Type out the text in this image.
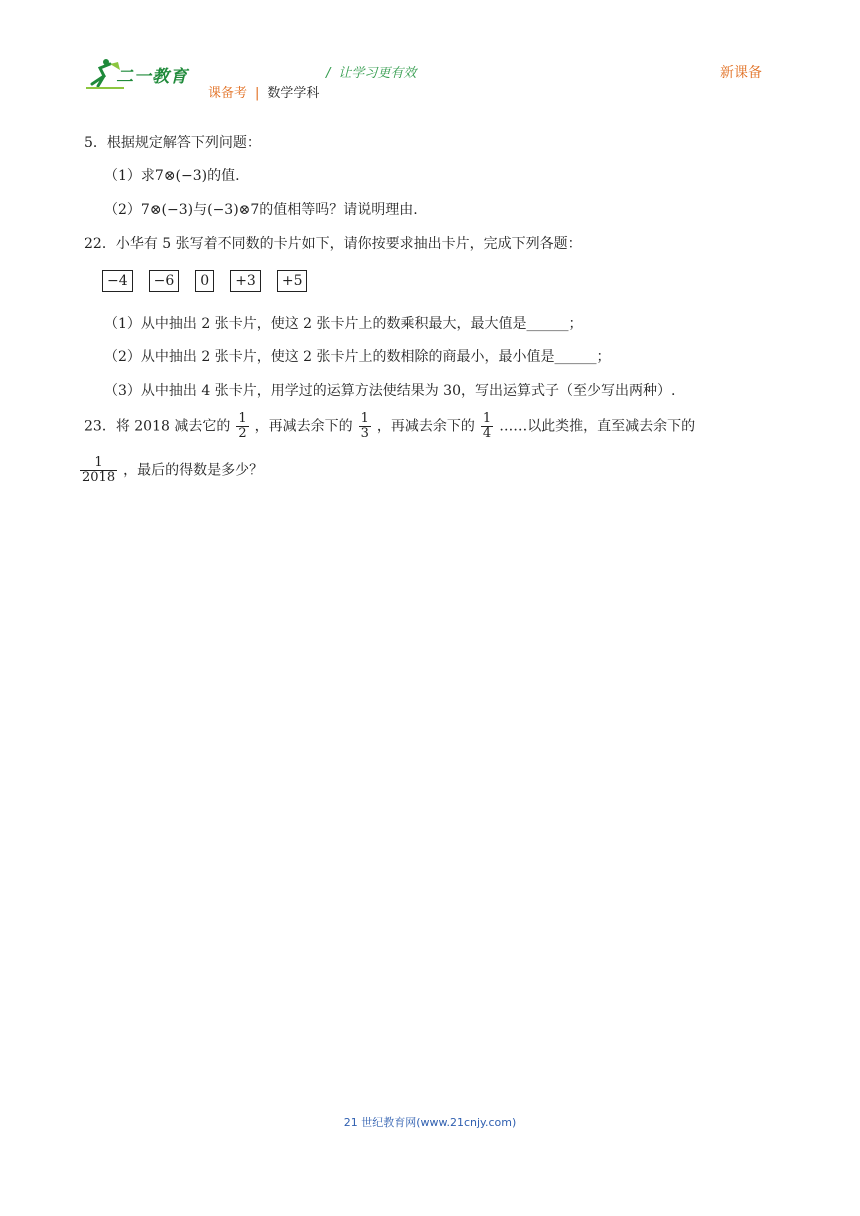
二一教育	/ 让学习更有效	新课备
课备考 | 数学学科
5．根据规定解答下列问题：
（1）求7⊗(−3)的值.
（2）7⊗(−3)与(−3)⊗7的值相等吗？请说明理由.
22．小华有 5 张写着不同数的卡片如下，请你按要求抽出卡片，完成下列各题：
−4 −6 0 +3 +5
（1）从中抽出 2 张卡片，使这 2 张卡片上的数乘积最大，最大值是______；
（2）从中抽出 2 张卡片，使这 2 张卡片上的数相除的商最小，最小值是______；
（3）从中抽出 4 张卡片，用学过的运算方法使结果为 30，写出运算式子（至少写出两种）.
23．将 2018 减去它的 $\frac{1}{2}$ ，再减去余下的 $\frac{1}{3}$ ，再减去余下的 $\frac{1}{4}$ ……以此类推，直至减去余下的
$\frac{1}{2018}$ ，最后的得数是多少？
21 世纪教育网(www.21cnjy.com)
